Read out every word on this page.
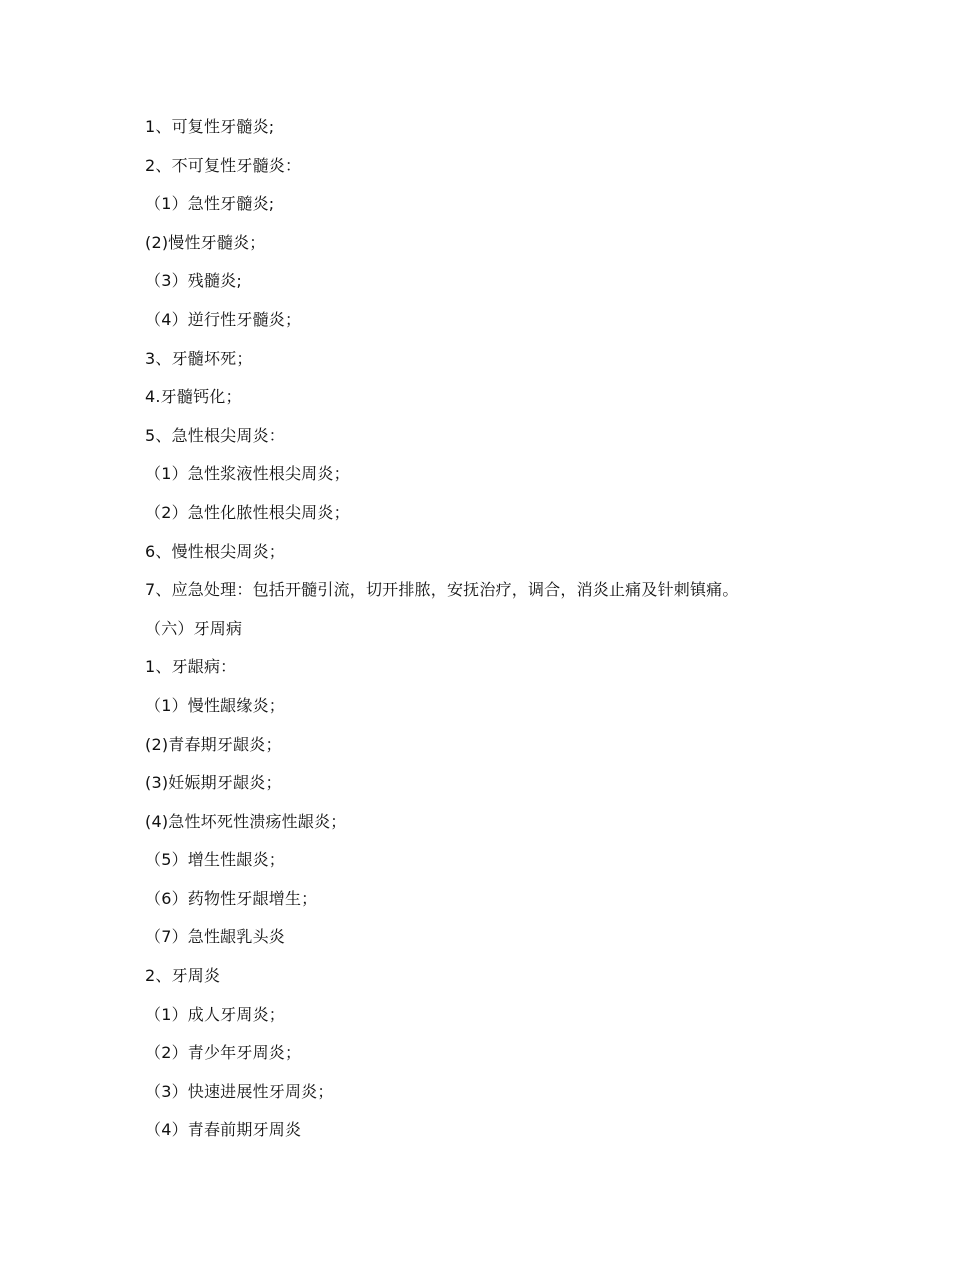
1、可复性牙髓炎;
2、不可复性牙髓炎：
（1）急性牙髓炎;
(2)慢性牙髓炎；
（3）残髓炎;
（4）逆行性牙髓炎；
3、牙髓坏死；
4.牙髓钙化；
5、急性根尖周炎：
（1）急性浆液性根尖周炎；
（2）急性化脓性根尖周炎；
6、慢性根尖周炎；
7、应急处理：包括开髓引流，切开排脓，安抚治疗，调合，消炎止痛及针刺镇痛。
（六）牙周病
1、牙龈病：
（1）慢性龈缘炎；
(2)青春期牙龈炎；
(3)妊娠期牙龈炎；
(4)急性坏死性溃疡性龈炎；
（5）增生性龈炎；
（6）药物性牙龈增生；
（7）急性龈乳头炎
2、牙周炎
（1）成人牙周炎；
（2）青少年牙周炎；
（3）快速进展性牙周炎；
（4）青春前期牙周炎
